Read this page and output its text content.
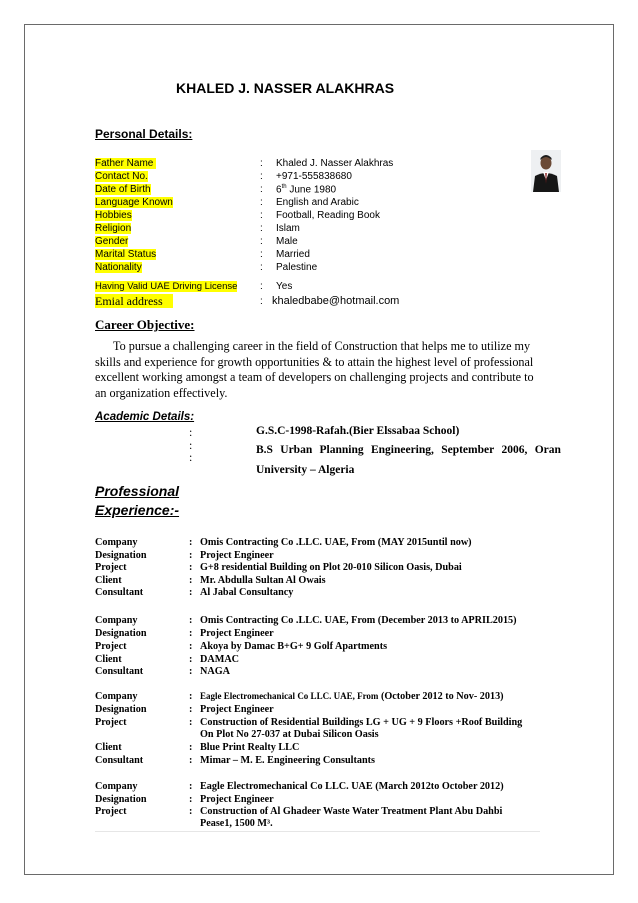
KHALED J. NASSER ALAKHRAS
Personal Details:
Father Name	: Khaled J. Nasser Alakhras
Contact No.	: +971-555838680
Date of Birth	: 6th June 1980
Language Known	: English and Arabic
Hobbies	: Football, Reading Book
Religion	: Islam
Gender	: Male
Marital Status	: Married
Nationality	: Palestine
Having Valid UAE Driving License : Yes
Emial address	: khaledbabe@hotmail.com
Career Objective:
To pursue a challenging career in the field of Construction that helps me to utilize my skills and experience for growth opportunities & to attain the highest level of professional excellent working amongst a team of developers on challenging projects and contribute to an organization effectively.
Academic Details:
:
:
:
G.S.C-1998-Rafah.(Bier Elssabaa School)
B.S Urban Planning Engineering, September 2006, Oran
University – Algeria
Professional
Experience:-
Company	: Omis Contracting Co .LLC. UAE, From (MAY 2015until now)
Designation	: Project Engineer
Project	: G+8 residential Building on Plot 20-010 Silicon Oasis, Dubai
Client	: Mr. Abdulla Sultan Al Owais
Consultant	: Al Jabal Consultancy
Company	: Omis Contracting Co .LLC. UAE, From (December 2013 to APRIL2015)
Designation	: Project Engineer
Project	: Akoya by Damac B+G+ 9 Golf Apartments
Client	: DAMAC
Consultant	: NAGA
Company	: Eagle Electromechanical Co LLC. UAE, From (October 2012 to Nov- 2013)
Designation	: Project Engineer
Project	: Construction of Residential Buildings LG + UG + 9 Floors +Roof Building
On Plot No 27-037 at Dubai Silicon Oasis
Client	: Blue Print Realty LLC
Consultant	: Mimar – M. E. Engineering Consultants
Company	: Eagle Electromechanical Co LLC. UAE (March 2012to October 2012)
Designation	: Project Engineer
Project	: Construction of Al Ghadeer Waste Water Treatment Plant Abu Dahbi
Pease1, 1500 M³.
